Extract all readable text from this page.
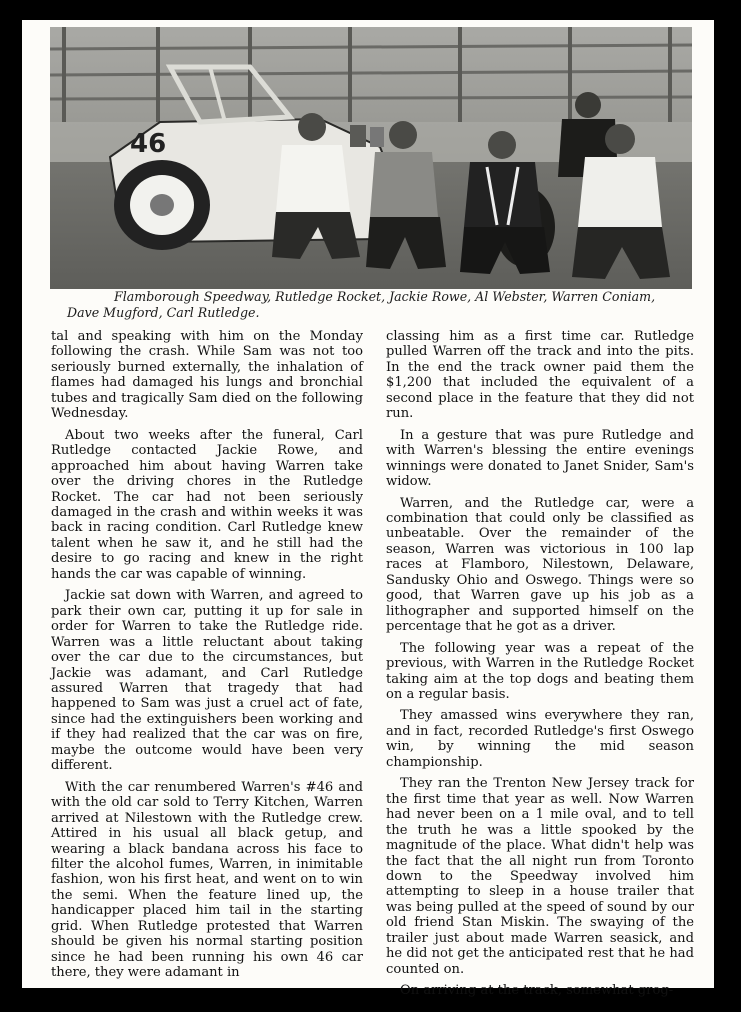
46
Flamborough Speedway, Rutledge Rocket, Jackie Rowe, Al Webster, Warren Coniam,
Dave Mugford, Carl Rutledge.

tal and speaking with him on the Monday following the crash. While Sam was not too seriously burned externally, the inhalation of flames had damaged his lungs and bronchial tubes and tragically Sam died on the following Wednesday.

About two weeks after the funeral, Carl Rutledge contacted Jackie Rowe, and approached him about having Warren take over the driving chores in the Rutledge Rocket. The car had not been seriously damaged in the crash and within weeks it was back in racing condition. Carl Rutledge knew talent when he saw it, and he still had the desire to go racing and knew in the right hands the car was capable of winning.

Jackie sat down with Warren, and agreed to park their own car, putting it up for sale in order for Warren to take the Rutledge ride. Warren was a little reluctant about taking over the car due to the circumstances, but Jackie was adamant, and Carl Rutledge assured Warren that tragedy that had happened to Sam was just a cruel act of fate, since had the extinguishers been working and if they had realized that the car was on fire, maybe the outcome would have been very different.

With the car renumbered Warren's #46 and with the old car sold to Terry Kitchen, Warren arrived at Nilestown with the Rutledge crew. Attired in his usual all black getup, and wearing a black bandana across his face to filter the alcohol fumes, Warren, in inimitable fashion, won his first heat, and went on to win the semi. When the feature lined up, the handicapper placed him tail in the starting grid. When Rutledge protested that Warren should be given his normal starting position since he had been running his own 46 car there, they were adamant in

classing him as a first time car. Rutledge pulled Warren off the track and into the pits. In the end the track owner paid them the $1,200 that included the equivalent of a second place in the feature that they did not run.

In a gesture that was pure Rutledge and with Warren's blessing the entire evenings winnings were donated to Janet Snider, Sam's widow.

Warren, and the Rutledge car, were a combination that could only be classified as unbeatable. Over the remainder of the season, Warren was victorious in 100 lap races at Flamboro, Nilestown, Delaware, Sandusky Ohio and Oswego. Things were so good, that Warren gave up his job as a lithographer and supported himself on the percentage that he got as a driver.

The following year was a repeat of the previous, with Warren in the Rutledge Rocket taking aim at the top dogs and beating them on a regular basis.

They amassed wins everywhere they ran, and in fact, recorded Rutledge's first Oswego win, by winning the mid season championship.

They ran the Trenton New Jersey track for the first time that year as well. Now Warren had never been on a 1 mile oval, and to tell the truth he was a little spooked by the magnitude of the place. What didn't help was the fact that the all night run from Toronto down to the Speedway involved him attempting to sleep in a house trailer that was being pulled at the speed of sound by our old friend Stan Miskin. The swaying of the trailer just about made Warren seasick, and he did not get the anticipated rest that he had counted on.

On arriving at the track, somewhat grog-
